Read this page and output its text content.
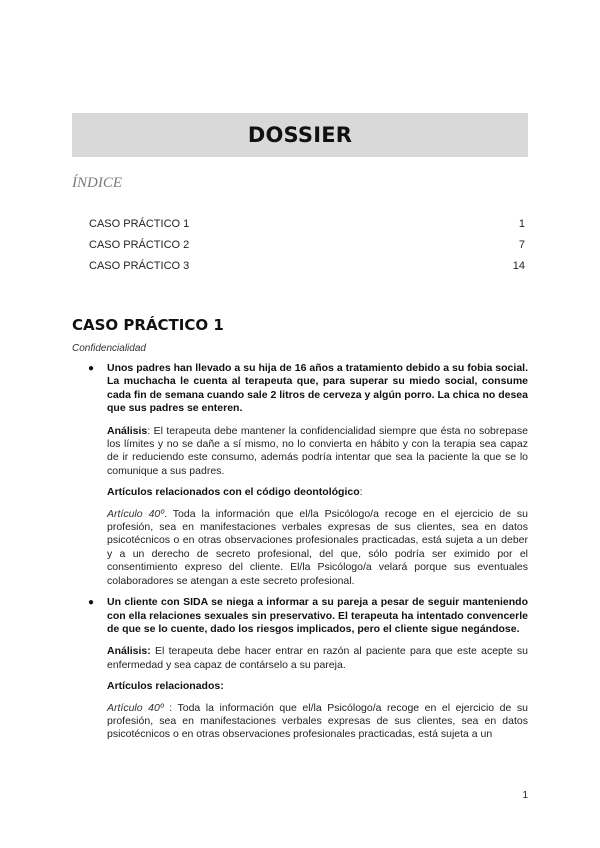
DOSSIER
ÍNDICE
CASO PRÁCTICO 1	1
CASO PRÁCTICO 2	7
CASO PRÁCTICO 3	14
CASO PRÁCTICO 1
Confidencialidad
● Unos padres han llevado a su hija de 16 años a tratamiento debido a su fobia social. La muchacha le cuenta al terapeuta que, para superar su miedo social, consume cada fin de semana cuando sale 2 litros de cerveza y algún porro. La chica no desea que sus padres se enteren.
Análisis: El terapeuta debe mantener la confidencialidad siempre que ésta no sobrepase los límites y no se dañe a sí mismo, no lo convierta en hábito y con la terapia sea capaz de ir reduciendo este consumo, además podría intentar que sea la paciente la que se lo comunique a sus padres.
Artículos relacionados con el código deontológico:
Artículo 40º. Toda la información que el/la Psicólogo/a recoge en el ejercicio de su profesión, sea en manifestaciones verbales expresas de sus clientes, sea en datos psicotécnicos o en otras observaciones profesionales practicadas, está sujeta a un deber y a un derecho de secreto profesional, del que, sólo podría ser eximido por el consentimiento expreso del cliente. El/la Psicólogo/a velará porque sus eventuales colaboradores se atengan a este secreto profesional.
● Un cliente con SIDA se niega a informar a su pareja a pesar de seguir manteniendo con ella relaciones sexuales sin preservativo. El terapeuta ha intentado convencerle de que se lo cuente, dado los riesgos implicados, pero el cliente sigue negándose.
Análisis: El terapeuta debe hacer entrar en razón al paciente para que este acepte su enfermedad y sea capaz de contárselo a su pareja.
Artículos relacionados:
Artículo 40º : Toda la información que el/la Psicólogo/a recoge en el ejercicio de su profesión, sea en manifestaciones verbales expresas de sus clientes, sea en datos psicotécnicos o en otras observaciones profesionales practicadas, está sujeta a un
1
